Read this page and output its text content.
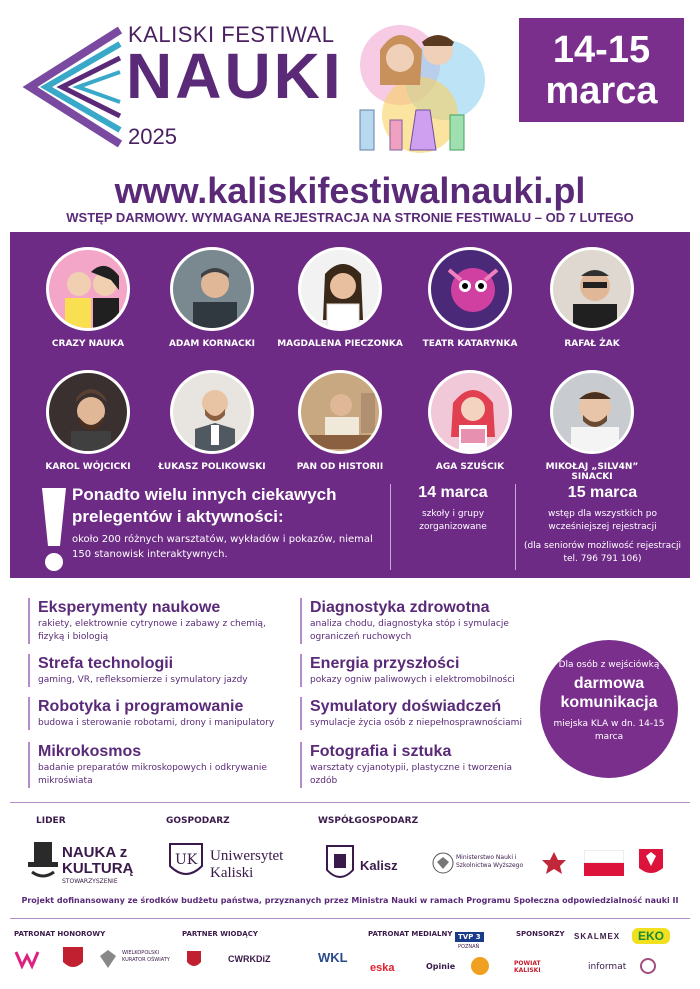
KALISKI FESTIWAL
NAUKI
2025
14-15
marca
www.kaliskifestiwalnauki.pl
WSTĘP DARMOWY. WYMAGANA REJESTRACJA NA STRONIE FESTIWALU – OD 7 LUTEGO
CRAZY NAUKA	ADAM KORNACKI	MAGDALENA PIECZONKA	TEATR KATARYNKA	RAFAŁ ŻAK
KAROL WÓJCICKI	ŁUKASZ POLIKOWSKI	PAN OD HISTORII	AGA SZUŚCIK	MIKOŁAJ „SILV4N” SINACKI
Ponadto wielu innych ciekawych prelegentów i aktywności:
około 200 różnych warsztatów, wykładów i pokazów, niemal 150 stanowisk interaktywnych.
14 marca
szkoły i grupy zorganizowane
15 marca
wstęp dla wszystkich po wcześniejszej rejestracji
(dla seniorów możliwość rejestracji tel. 796 791 106)
Eksperymenty naukowe
rakiety, elektrownie cytrynowe i zabawy z chemią, fizyką i biologią
Strefa technologii
gaming, VR, refleksomierze i symulatory jazdy
Robotyka i programowanie
budowa i sterowanie robotami, drony i manipulatory
Mikrokosmos
badanie preparatów mikroskopowych i odkrywanie mikroświata
Diagnostyka zdrowotna
analiza chodu, diagnostyka stóp i symulacje ograniczeń ruchowych
Energia przyszłości
pokazy ogniw paliwowych i elektromobilności
Symulatory doświadczeń
symulacje życia osób z niepełnosprawnościami
Fotografia i sztuka
warsztaty cyjanotypii, plastyczne i tworzenia ozdób
Dla osób z wejściówką
darmowa komunikacja
miejska KLA w dn. 14-15 marca
LIDER	GOSPODARZ	WSPÓŁGOSPODARZ
NAUKA z KULTURĄ
STOWARZYSZENIE
UK Uniwersytet Kaliski	Kalisz
Ministerstwo Nauki i Szkolnictwa Wyższego
Projekt dofinansowany ze środków budżetu państwa, przyznanych przez Ministra Nauki w ramach Programu Społeczna odpowiedzialność nauki II
PATRONAT HONOROWY	PARTNER WIODĄCY	PATRONAT MEDIALNY	SPONSORZY
WIELKOPOLSKI KURATOR OŚWIATY	CWRKDiZ	WKL
TVP 3
POZNAŃ
eska	Opinie
SKALMEX	EKO
POWIAT KALISKI	informat
